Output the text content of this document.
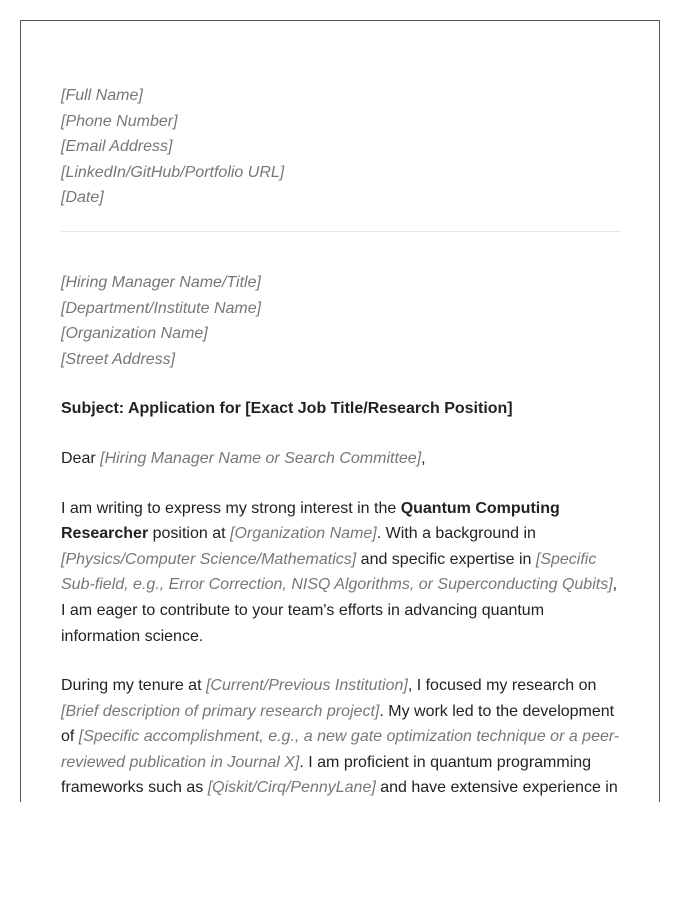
[Full Name]
[Phone Number]
[Email Address]
[LinkedIn/GitHub/Portfolio URL]
[Date]
[Hiring Manager Name/Title]
[Department/Institute Name]
[Organization Name]
[Street Address]
Subject: Application for [Exact Job Title/Research Position]
Dear [Hiring Manager Name or Search Committee],
I am writing to express my strong interest in the Quantum Computing Researcher position at [Organization Name]. With a background in [Physics/Computer Science/Mathematics] and specific expertise in [Specific Sub-field, e.g., Error Correction, NISQ Algorithms, or Superconducting Qubits], I am eager to contribute to your team's efforts in advancing quantum information science.
During my tenure at [Current/Previous Institution], I focused my research on [Brief description of primary research project]. My work led to the development of [Specific accomplishment, e.g., a new gate optimization technique or a peer-reviewed publication in Journal X]. I am proficient in quantum programming frameworks such as [Qiskit/Cirq/PennyLane] and have extensive experience in
